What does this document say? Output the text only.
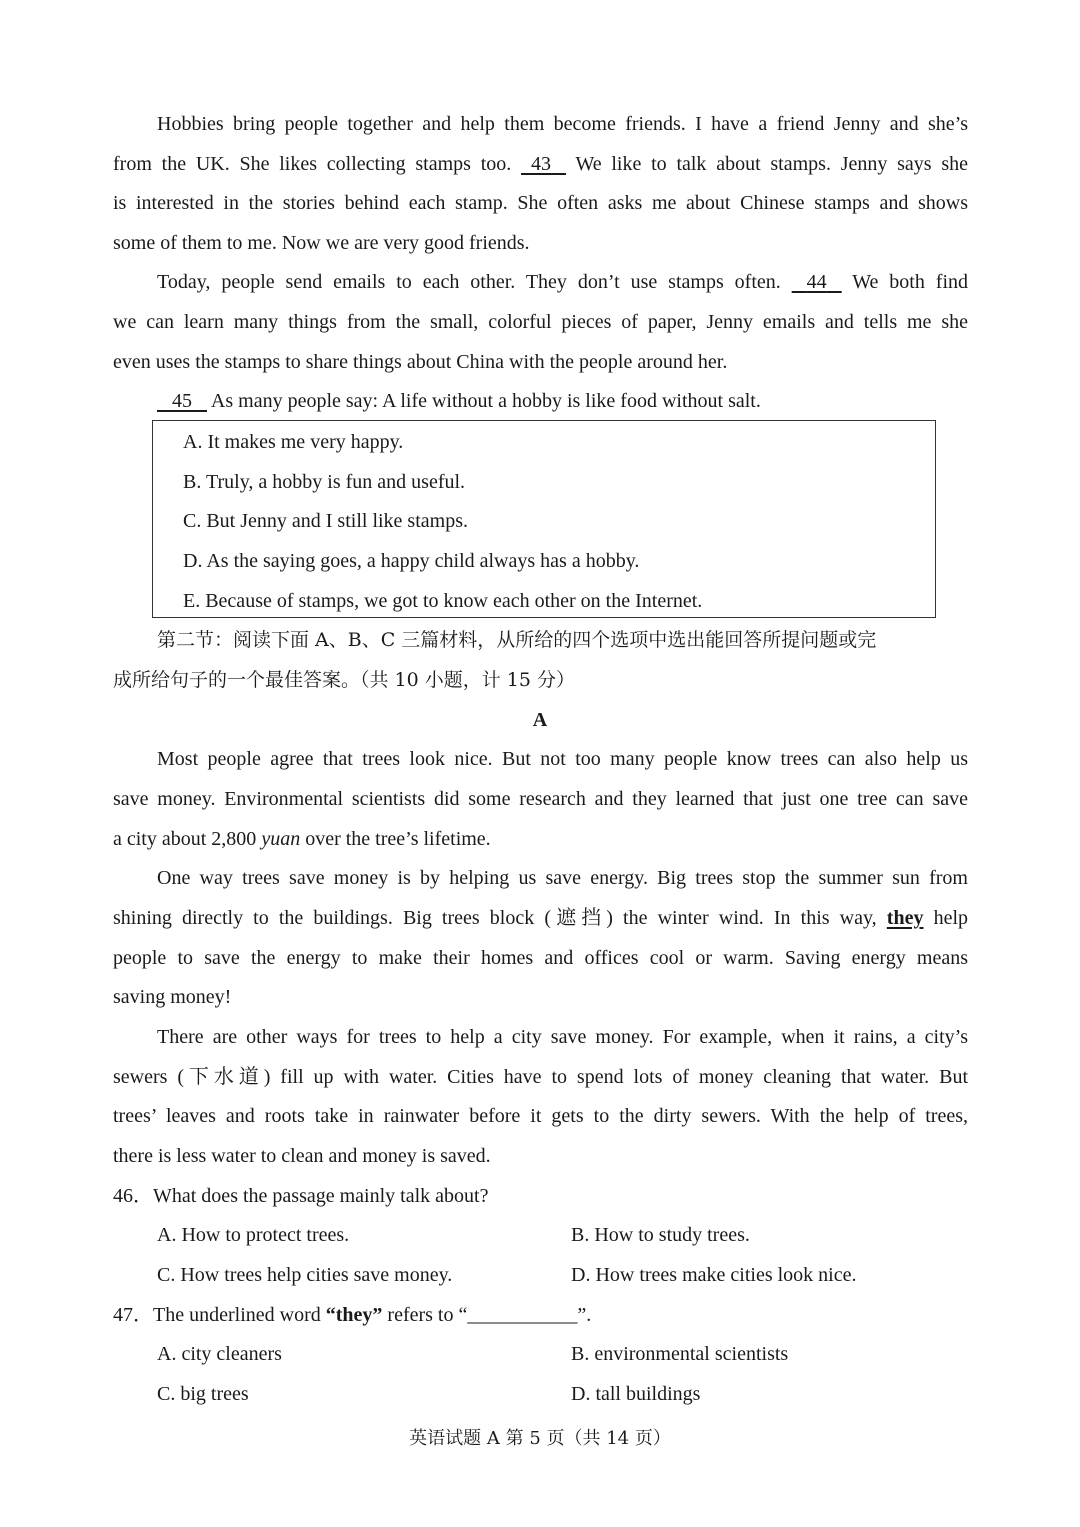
Hobbies bring people together and help them become friends. I have a friend Jenny and she’s
from the UK. She likes collecting stamps too. 43 We like to talk about stamps. Jenny says she
is interested in the stories behind each stamp. She often asks me about Chinese stamps and shows
some of them to me. Now we are very good friends.
Today, people send emails to each other. They don’t use stamps often. 44 We both find
we can learn many things from the small, colorful pieces of paper, Jenny emails and tells me she
even uses the stamps to share things about China with the people around her.
45 As many people say: A life without a hobby is like food without salt.
A. It makes me very happy.
B. Truly, a hobby is fun and useful.
C. But Jenny and I still like stamps.
D. As the saying goes, a happy child always has a hobby.
E. Because of stamps, we got to know each other on the Internet.
第二节：阅读下面 A、B、C 三篇材料，从所给的四个选项中选出能回答所提问题或完
成所给句子的一个最佳答案。（共 10 小题，计 15 分）
A
Most people agree that trees look nice. But not too many people know trees can also help us
save money. Environmental scientists did some research and they learned that just one tree can save
a city about 2,800 yuan over the tree’s lifetime.
One way trees save money is by helping us save energy. Big trees stop the summer sun from
shining directly to the buildings. Big trees block (遮挡) the winter wind. In this way, they help
people to save the energy to make their homes and offices cool or warm. Saving energy means
saving money!
There are other ways for trees to help a city save money. For example, when it rains, a city’s
sewers (下水道) fill up with water. Cities have to spend lots of money cleaning that water. But
trees’ leaves and roots take in rainwater before it gets to the dirty sewers. With the help of trees,
there is less water to clean and money is saved.
46．What does the passage mainly talk about?
A. How to protect trees.	B. How to study trees.
C. How trees help cities save money.	D. How trees make cities look nice.
47．The underlined word “they” refers to “___________”.
A. city cleaners	B. environmental scientists
C. big trees	D. tall buildings
英语试题 A 第 5 页（共 14 页）
